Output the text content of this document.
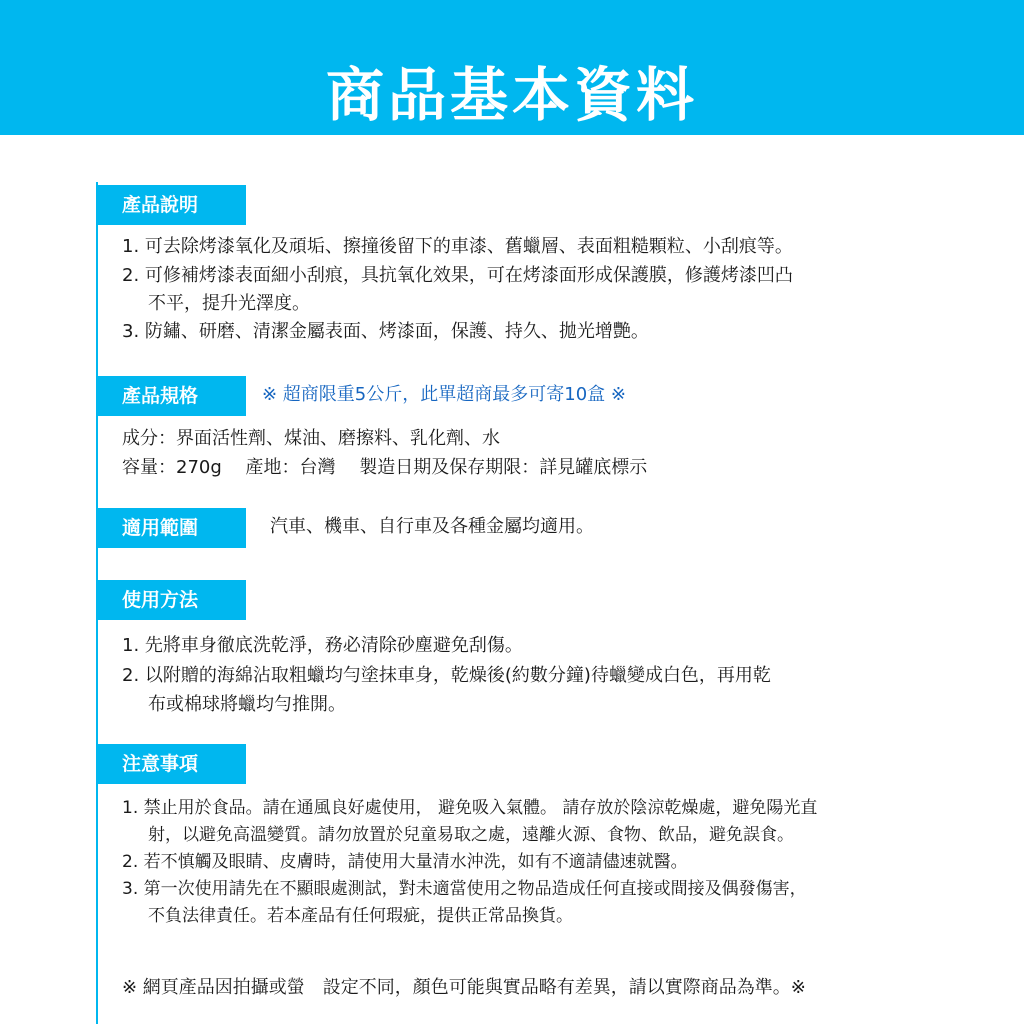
商品基本資料
產品說明
1. 可去除烤漆氧化及頑垢、擦撞後留下的車漆、舊蠟層、表面粗糙顆粒、小刮痕等。
2. 可修補烤漆表面細小刮痕，具抗氧化效果，可在烤漆面形成保護膜，修護烤漆凹凸
不平，提升光澤度。
3. 防鏽、研磨、清潔金屬表面、烤漆面，保護、持久、拋光增艷。
產品規格	※ 超商限重5公斤，此單超商最多可寄10盒 ※
成分：界面活性劑、煤油、磨擦料、乳化劑、水
容量：270g　 產地：台灣　 製造日期及保存期限：詳見罐底標示
適用範圍	汽車、機車、自行車及各種金屬均適用。
使用方法
1. 先將車身徹底洗乾淨，務必清除砂塵避免刮傷。
2. 以附贈的海綿沾取粗蠟均勻塗抹車身，乾燥後(約數分鐘)待蠟變成白色，再用乾
布或棉球將蠟均勻推開。
注意事項
1. 禁止用於食品。請在通風良好處使用， 避免吸入氣體。 請存放於陰涼乾燥處，避免陽光直
射，以避免高溫變質。請勿放置於兒童易取之處，遠離火源、食物、飲品，避免誤食。
2. 若不慎觸及眼睛、皮膚時，請使用大量清水沖洗，如有不適請儘速就醫。
3. 第一次使用請先在不顯眼處測試，對未適當使用之物品造成任何直接或間接及偶發傷害，
不負法律責任。若本產品有任何瑕疵，提供正常品換貨。
※ 網頁產品因拍攝或螢　設定不同，顏色可能與實品略有差異，請以實際商品為準。※
